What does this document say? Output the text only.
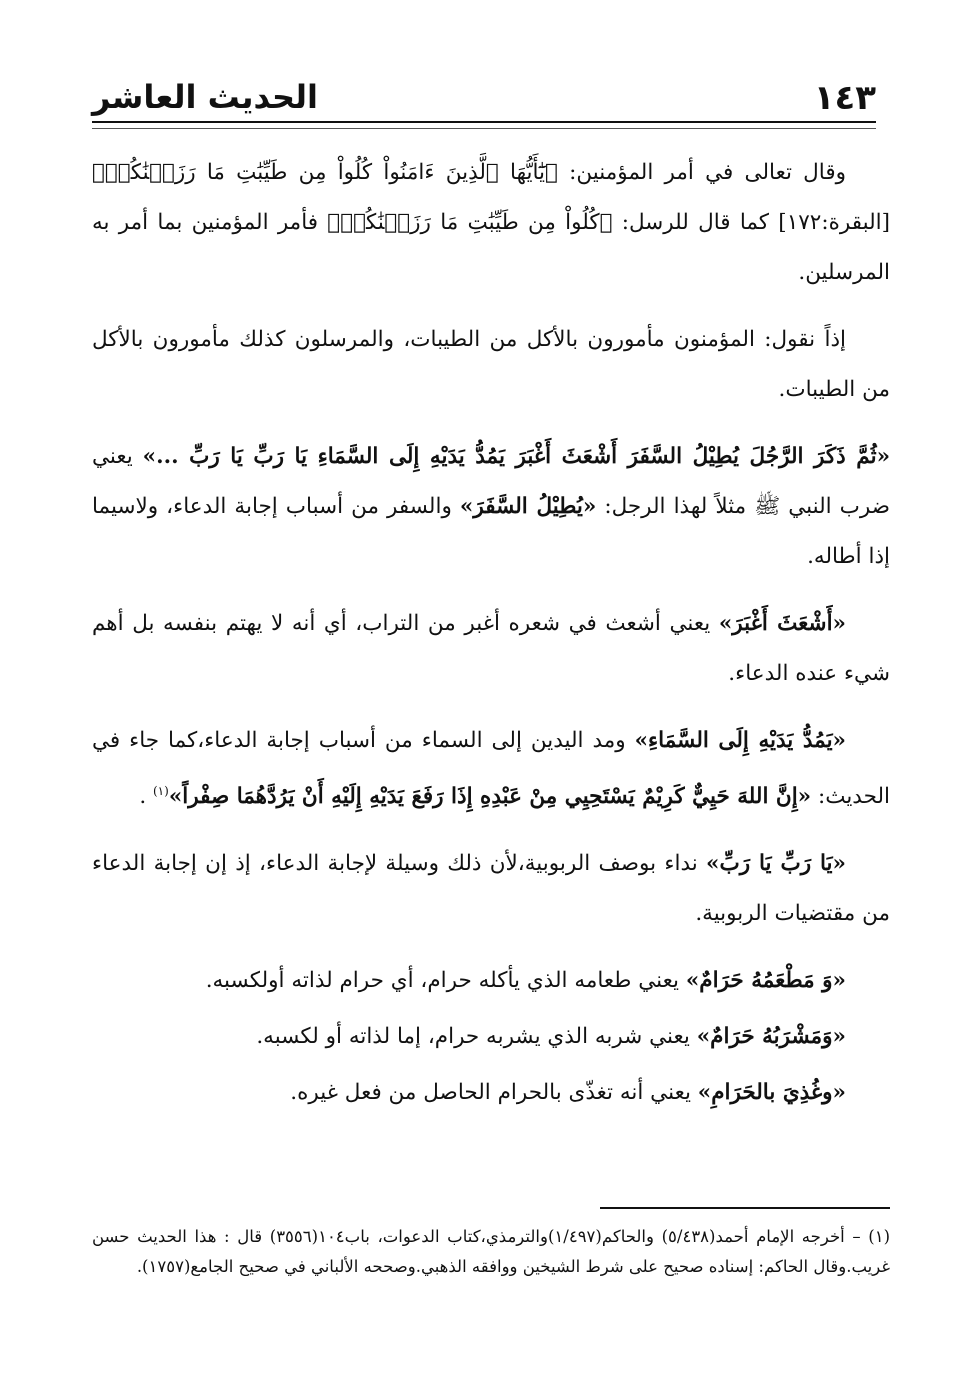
١٤٣
الحديث العاشر

وقال تعالى في أمر المؤمنين: ﴿يَٰٓأَيُّهَا ٱلَّذِينَ ءَامَنُواْ كُلُواْ مِن طَيِّبَٰتِ مَا رَزَقۡنَٰكُمۡ﴾ [البقرة:١٧٢] كما قال للرسل: ﴿كُلُواْ مِن طَيِّبَٰتِ مَا رَزَقۡنَٰكُمۡ﴾ فأمر المؤمنين بما أمر به المرسلين.

إذاً نقول: المؤمنون مأمورون بالأكل من الطيبات، والمرسلون كذلك مأمورون بالأكل من الطيبات.

«ثُمَّ ذَكَرَ الرَّجُلَ يُطِيْلُ السَّفَرَ أَشْعَثَ أَغْبَرَ يَمُدُّ يَدَيْهِ إِلَى السَّمَاءِ يَا رَبِّ يَا رَبِّ ...» يعني ضرب النبي ﷺ مثلاً لهذا الرجل: «يُطِيْلُ السَّفَرَ» والسفر من أسباب إجابة الدعاء، ولاسيما إذا أطاله.

«أَشْعَثَ أَغْبَرَ» يعني أشعث في شعره أغبر من التراب، أي أنه لا يهتم بنفسه بل أهم شيء عنده الدعاء.

«يَمُدُّ يَدَيْهِ إِلَى السَّمَاءِ» ومد اليدين إلى السماء من أسباب إجابة الدعاء،كما جاء في الحديث: «إِنَّ اللهَ حَيِيٌّ كَرِيْمٌ يَسْتَحِيِي مِنْ عَبْدِهِ إِذَا رَفَعَ يَدَيْهِ إِلَيْهِ أَنْ يَرُدَّهُمَا صِفْراً»$^{(١)}$ .

«يَا رَبِّ يَا رَبِّ» نداء بوصف الربوبية،لأن ذلك وسيلة لإجابة الدعاء، إذ إن إجابة الدعاء من مقتضيات الربوبية.

«وَ مَطْعَمُهُ حَرَامٌ» يعني طعامه الذي يأكله حرام، أي حرام لذاته أولكسبه.

«وَمَشْرَبُهُ حَرَامٌ» يعني شربه الذي يشربه حرام، إما لذاته أو لكسبه.

«وغُذِيَ بالحَرَامِ» يعني أنه تغذّى بالحرام الحاصل من فعل غيره.

(١) – أخرجه الإمام أحمد(٥/٤٣٨) والحاكم(١/٤٩٧)والترمذي،كتاب الدعوات، باب١٠٤(٣٥٥٦) قال : هذا الحديث حسن غريب.وقال الحاكم: إسناده صحيح على شرط الشيخين ووافقه الذهبي.وصححه الألباني في صحيح الجامع(١٧٥٧).
